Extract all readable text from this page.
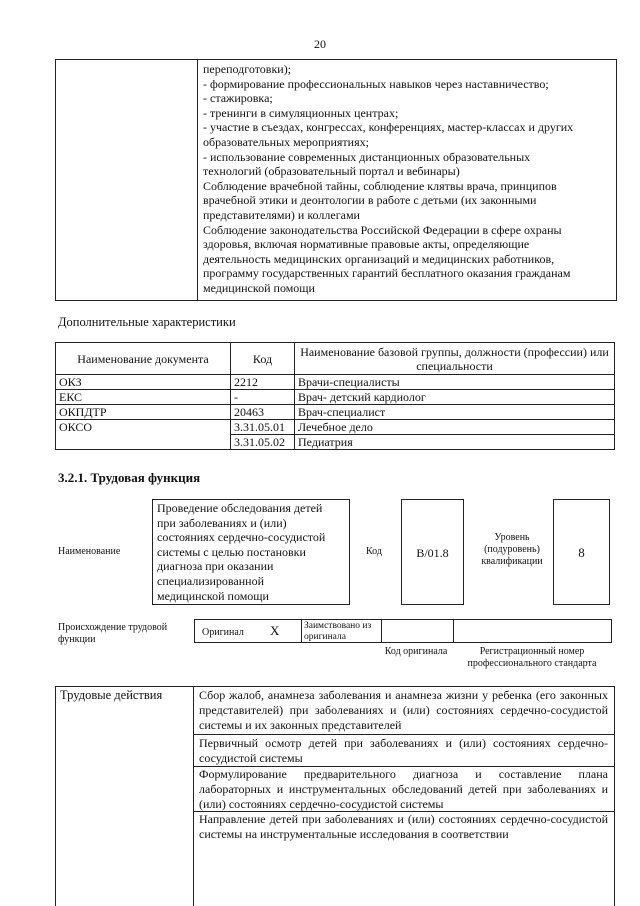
20
переподготовки);
- формирование профессиональных навыков через наставничество;
- стажировка;
- тренинги в симуляционных центрах;
- участие в съездах, конгрессах, конференциях, мастер-классах и других
образовательных мероприятиях;
- использование современных дистанционных образовательных
технологий (образовательный портал и вебинары)
Соблюдение врачебной тайны, соблюдение клятвы врача, принципов
врачебной этики и деонтологии в работе с детьми (их законными
представителями) и коллегами
Соблюдение законодательства Российской Федерации в сфере охраны
здоровья, включая нормативные правовые акты, определяющие
деятельность медицинских организаций и медицинских работников,
программу государственных гарантий бесплатного оказания гражданам
медицинской помощи
Дополнительные характеристики
Наименование документа	Код	Наименование базовой группы, должности (профессии) или специальности
ОКЗ	2212	Врачи-специалисты
ЕКС	-	Врач- детский кардиолог
ОКПДТР	20463	Врач-специалист
ОКСО	3.31.05.01	Лечебное дело
	3.31.05.02	Педиатрия
3.2.1. Трудовая функция
Наименование
Проведение обследования детей
при заболеваниях и (или)
состояниях сердечно-сосудистой
системы с целью постановки
диагноза при оказании
специализированной
медицинской помощи
Код	В/01.8
Уровень (подуровень) квалификации
8
Происхождение трудовой функции
Оригинал X	Заимствовано из оригинала
Код оригинала	Регистрационный номер профессионального стандарта
Трудовые действия	Сбор жалоб, анамнеза заболевания и анамнеза жизни у ребенка (его законных представителей) при заболеваниях и (или) состояниях сердечно-сосудистой системы и их законных представителей
Первичный осмотр детей при заболеваниях и (или) состояниях сердечно-сосудистой системы
Формулирование предварительного диагноза и составление плана лабораторных и инструментальных обследований детей при заболеваниях и (или) состояниях сердечно-сосудистой системы
Направление детей при заболеваниях и (или) состояниях сердечно-сосудистой системы на инструментальные исследования в соответствии
